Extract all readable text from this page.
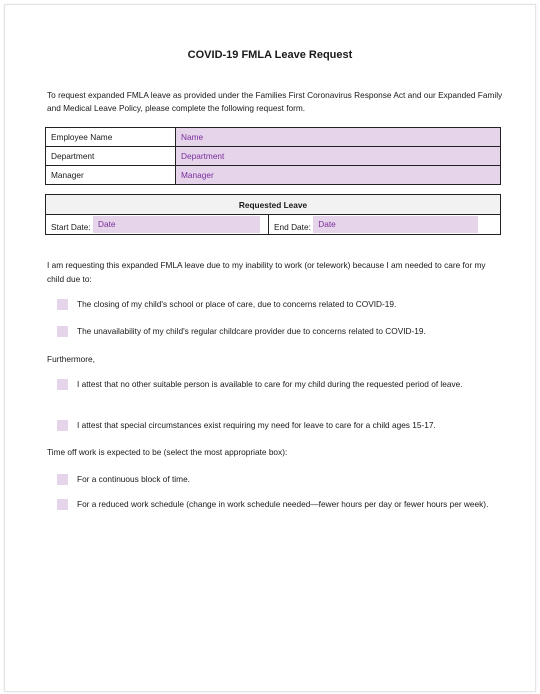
COVID-19 FMLA Leave Request
To request expanded FMLA leave as provided under the Families First Coronavirus Response Act and our Expanded Family and Medical Leave Policy, please complete the following request form.
Employee Name	Name
Department	Department
Manager	Manager
Requested Leave
Start Date: Date	End Date: Date
I am requesting this expanded FMLA leave due to my inability to work (or telework) because I am needed to care for my child due to:
The closing of my child's school or place of care, due to concerns related to COVID-19.
The unavailability of my child's regular childcare provider due to concerns related to COVID-19.
Furthermore,
I attest that no other suitable person is available to care for my child during the requested period of leave.
I attest that special circumstances exist requiring my need for leave to care for a child ages 15-17.
Time off work is expected to be (select the most appropriate box):
For a continuous block of time.
For a reduced work schedule (change in work schedule needed—fewer hours per day or fewer hours per week).
